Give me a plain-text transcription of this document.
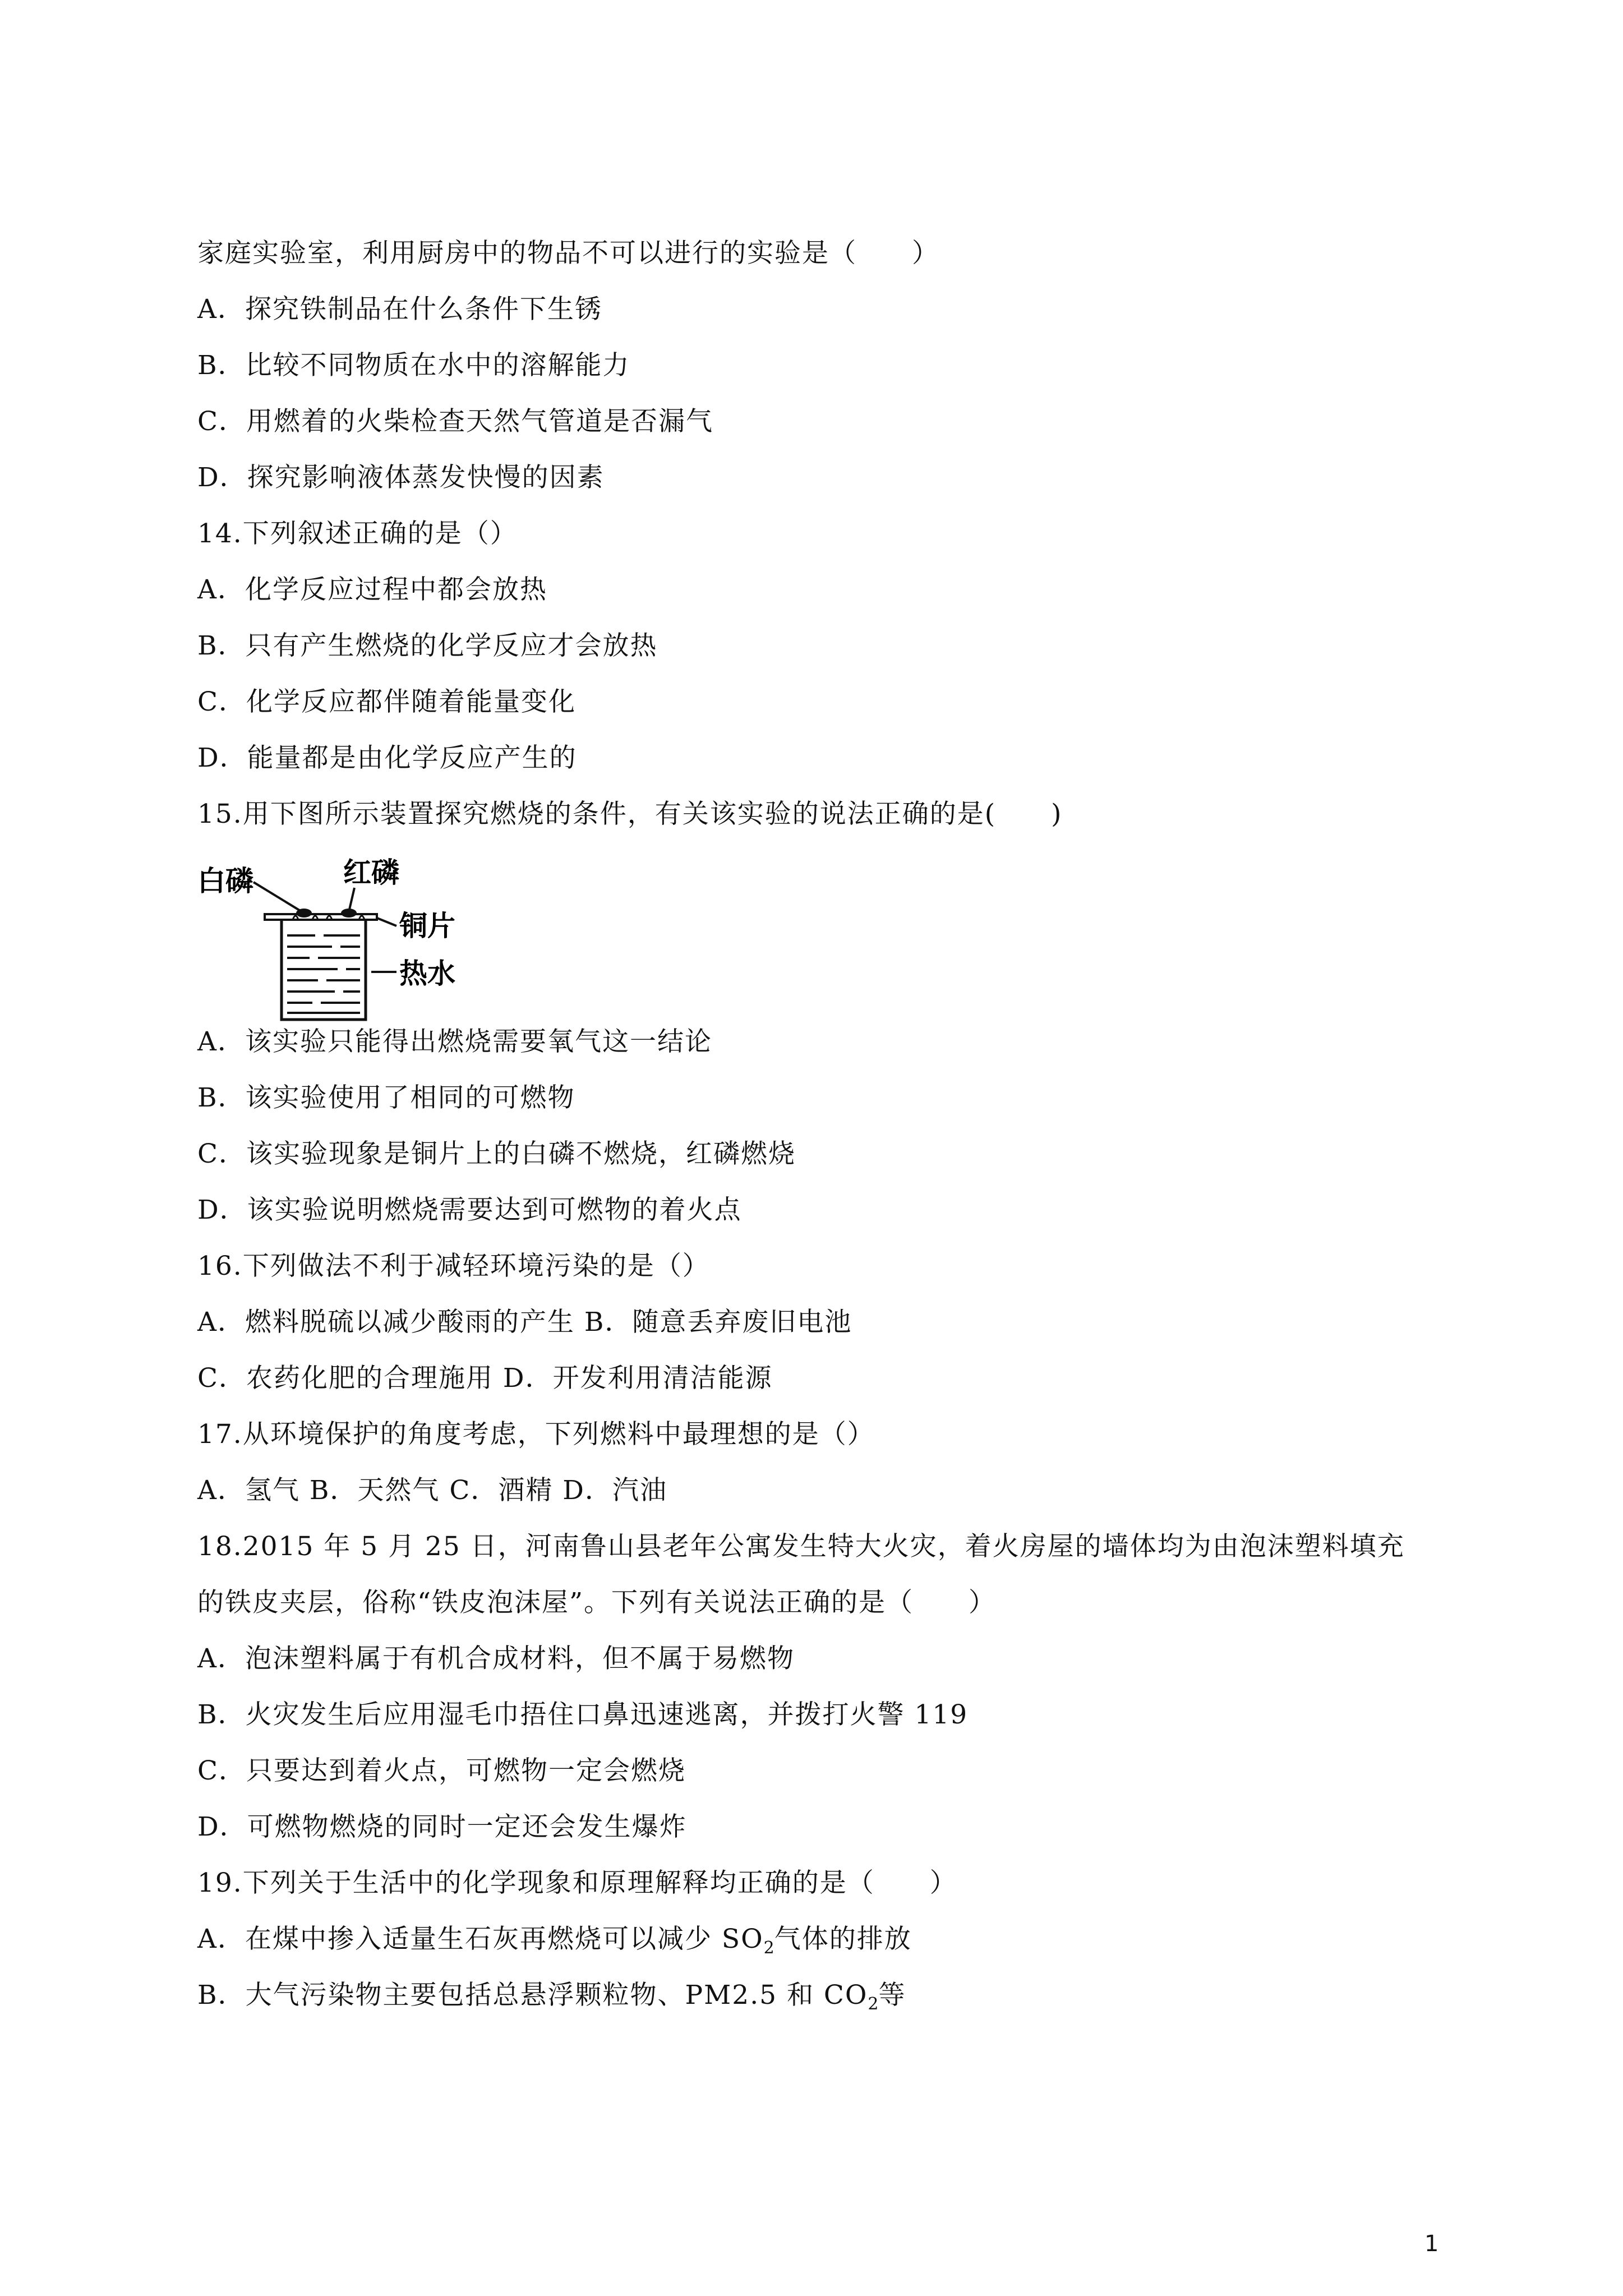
家庭实验室，利用厨房中的物品不可以进行的实验是（　　）
A．探究铁制品在什么条件下生锈
B．比较不同物质在水中的溶解能力
C．用燃着的火柴检查天然气管道是否漏气
D．探究影响液体蒸发快慢的因素
14.下列叙述正确的是（）
A．化学反应过程中都会放热
B．只有产生燃烧的化学反应才会放热
C．化学反应都伴随着能量变化
D．能量都是由化学反应产生的
15.用下图所示装置探究燃烧的条件，有关该实验的说法正确的是(　　)
白磷	红磷
铜片
热水
A．该实验只能得出燃烧需要氧气这一结论
B．该实验使用了相同的可燃物
C．该实验现象是铜片上的白磷不燃烧，红磷燃烧
D．该实验说明燃烧需要达到可燃物的着火点
16.下列做法不利于减轻环境污染的是（）
A．燃料脱硫以减少酸雨的产生 B．随意丢弃废旧电池
C．农药化肥的合理施用 D．开发利用清洁能源
17.从环境保护的角度考虑，下列燃料中最理想的是（）
A．氢气 B．天然气 C．酒精 D．汽油
18.2015 年 5 月 25 日，河南鲁山县老年公寓发生特大火灾，着火房屋的墙体均为由泡沫塑料填充
的铁皮夹层，俗称“铁皮泡沫屋”。下列有关说法正确的是（　　）
A．泡沫塑料属于有机合成材料，但不属于易燃物
B．火灾发生后应用湿毛巾捂住口鼻迅速逃离，并拨打火警 119
C．只要达到着火点，可燃物一定会燃烧
D．可燃物燃烧的同时一定还会发生爆炸
19.下列关于生活中的化学现象和原理解释均正确的是（　　）
A．在煤中掺入适量生石灰再燃烧可以减少 $SO_2$气体的排放
B．大气污染物主要包括总悬浮颗粒物、PM2.5 和 $CO_2$等
1
